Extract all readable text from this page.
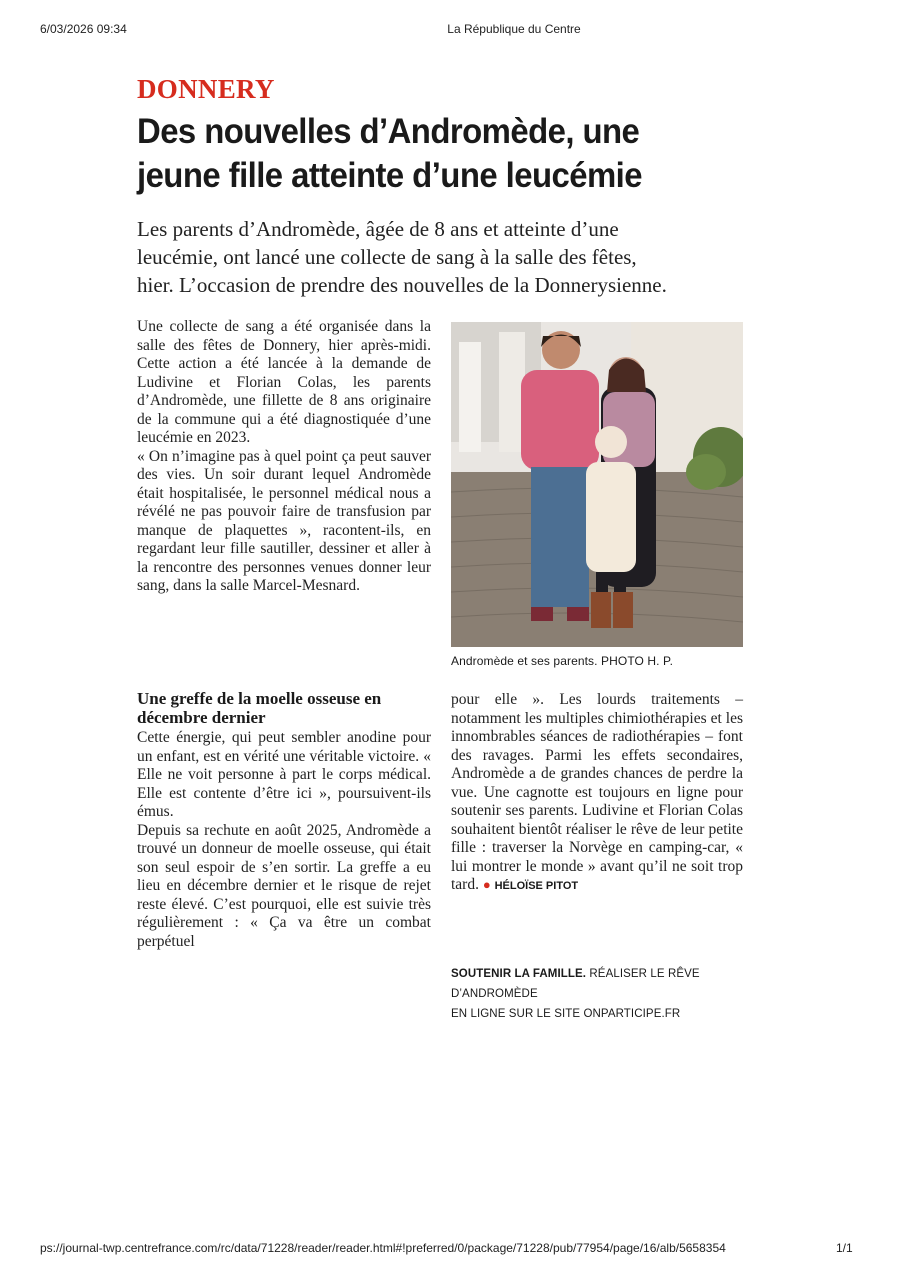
6/03/2026 09:34	La République du Centre
DONNERY
Des nouvelles d’Andromède, une
jeune fille atteinte d’une leucémie
Les parents d’Andromède, âgée de 8 ans et atteinte d’une
leucémie, ont lancé une collecte de sang à la salle des fêtes,
hier. L’occasion de prendre des nouvelles de la Donnerysienne.

Une collecte de sang a été organisée dans la salle des fêtes de Donnery, hier après-midi. Cette action a été lancée à la demande de Ludivine et Florian Colas, les parents d’Andromède, une fillette de 8 ans originaire de la commune qui a été diagnostiquée d’une leucémie en 2023.

« On n’imagine pas à quel point ça peut sauver des vies. Un soir durant lequel Andromède était hospitalisée, le personnel médical nous a révélé ne pas pouvoir faire de transfusion par manque de plaquettes », racontent-ils, en regardant leur fille sautiller, dessiner et aller à la rencontre des personnes venues donner leur sang, dans la salle Marcel-Mesnard.

Andromède et ses parents. PHOTO H. P.
Une greffe de la moelle osseuse en décembre dernier

Cette énergie, qui peut sembler anodine pour un enfant, est en vérité une véritable victoire. « Elle ne voit personne à part le corps médical. Elle est contente d’être ici », poursuivent-ils émus.

Depuis sa rechute en août 2025, Andromède a trouvé un donneur de moelle osseuse, qui était son seul espoir de s’en sortir. La greffe a eu lieu en décembre dernier et le risque de rejet reste élevé. C’est pourquoi, elle est suivie très régulièrement : « Ça va être un combat perpétuel

pour elle ». Les lourds traitements – notamment les multiples chimiothérapies et les innombrables séances de radiothérapies – font des ravages. Parmi les effets secondaires, Andromède a de grandes chances de perdre la vue. Une cagnotte est toujours en ligne pour soutenir ses parents. Ludivine et Florian Colas souhaitent bientôt réaliser le rêve de leur petite fille : traverser la Norvège en camping-car, « lui montrer le monde » avant qu’il ne soit trop tard. ● HÉLOÏSE PITOT

SOUTENIR LA FAMILLE. RÉALISER LE RÊVE D’ANDROMÈDE
EN LIGNE SUR LE SITE ONPARTICIPE.FR
ps://journal-twp.centrefrance.com/rc/data/71228/reader/reader.html#!preferred/0/package/71228/pub/77954/page/16/alb/5658354	1/1
